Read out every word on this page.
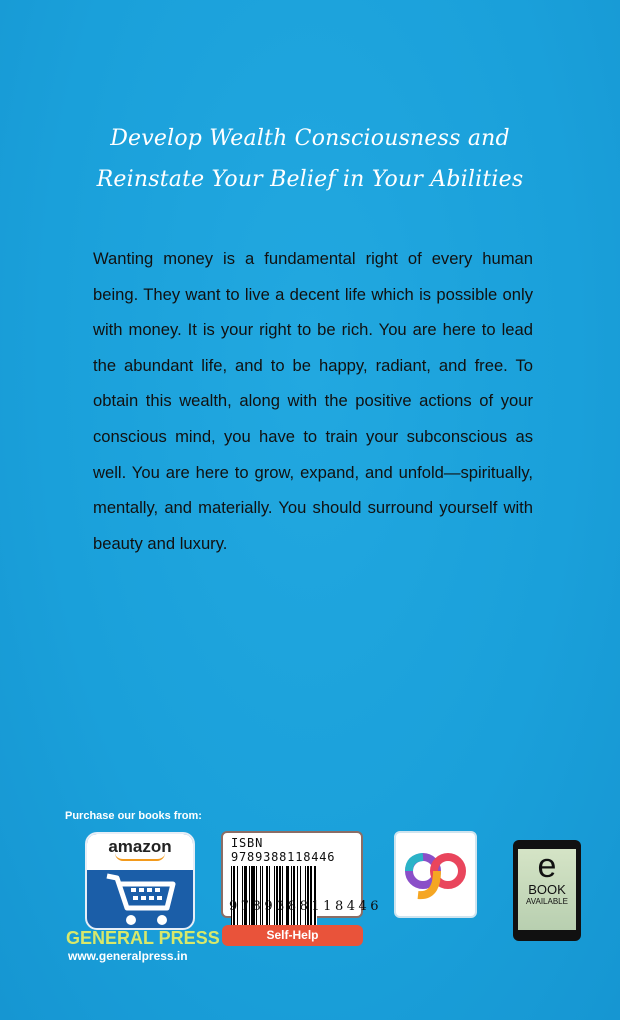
Develop Wealth Consciousness and
Reinstate Your Belief in Your Abilities
Wanting money is a fundamental right of every human
being. They want to live a decent life which is possible only
with money. It is your right to be rich. You are here to lead
the abundant life, and to be happy, radiant, and free. To
obtain this wealth, along with the positive actions of your
conscious mind, you have to train your subconscious as
well. You are here to grow, expand, and unfold—spiritually,
mentally, and materially. You should surround yourself with
beauty and luxury.
Purchase our books from:
amazon
GENERAL PRESS
www.generalpress.in
ISBN 9789388118446
9789388118446
Self-Help
e
BOOK
AVAILABLE
